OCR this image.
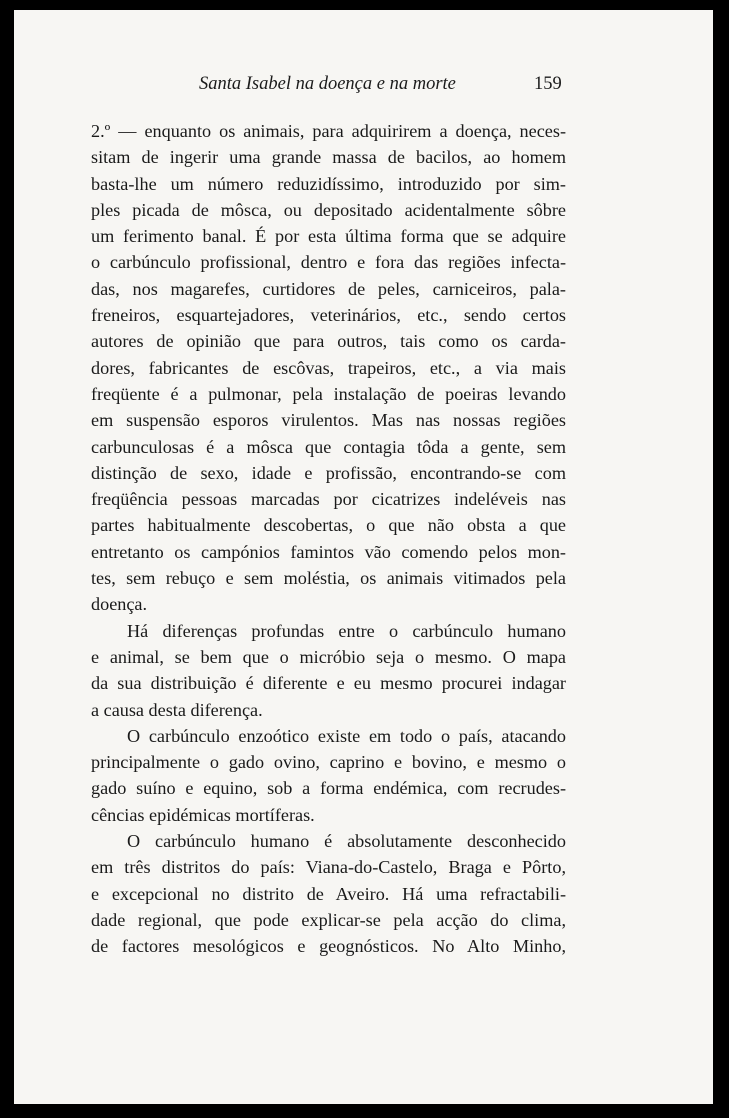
Santa Isabel na doença e na morte	159
2.º — enquanto os animais, para adquirirem a doença, neces-
sitam de ingerir uma grande massa de bacilos, ao homem
basta-lhe um número reduzidíssimo, introduzido por sim-
ples picada de môsca, ou depositado acidentalmente sôbre
um ferimento banal. É por esta última forma que se adquire
o carbúnculo profissional, dentro e fora das regiões infecta-
das, nos magarefes, curtidores de peles, carniceiros, pala-
freneiros, esquartejadores, veterinários, etc., sendo certos
autores de opinião que para outros, tais como os carda-
dores, fabricantes de escôvas, trapeiros, etc., a via mais
freqüente é a pulmonar, pela instalação de poeiras levando
em suspensão esporos virulentos. Mas nas nossas regiões
carbunculosas é a môsca que contagia tôda a gente, sem
distinção de sexo, idade e profissão, encontrando-se com
freqüência pessoas marcadas por cicatrizes indeléveis nas
partes habitualmente descobertas, o que não obsta a que
entretanto os campónios famintos vão comendo pelos mon-
tes, sem rebuço e sem moléstia, os animais vitimados pela
doença.
Há diferenças profundas entre o carbúnculo humano
e animal, se bem que o micróbio seja o mesmo. O mapa
da sua distribuição é diferente e eu mesmo procurei indagar
a causa desta diferença.
O carbúnculo enzoótico existe em todo o país, atacando
principalmente o gado ovino, caprino e bovino, e mesmo o
gado suíno e equino, sob a forma endémica, com recrudes-
cências epidémicas mortíferas.
O carbúnculo humano é absolutamente desconhecido
em três distritos do país: Viana-do-Castelo, Braga e Pôrto,
e excepcional no distrito de Aveiro. Há uma refractabili-
dade regional, que pode explicar-se pela acção do clima,
de factores mesológicos e geognósticos. No Alto Minho,
